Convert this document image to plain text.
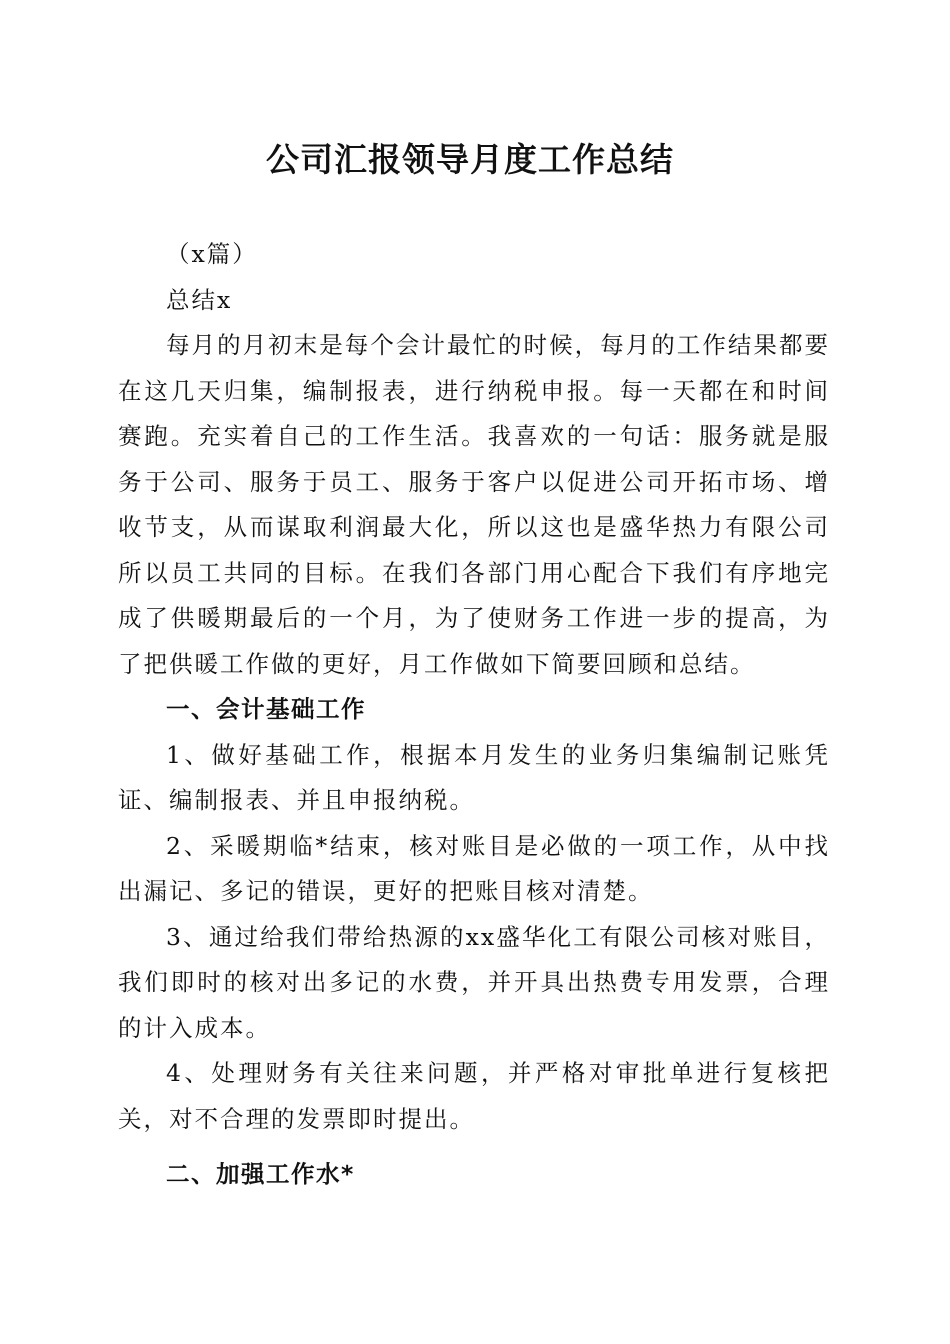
公司汇报领导月度工作总结

（x篇）

总结x

每月的月初末是每个会计最忙的时候，每月的工作结果都要在这几天归集，编制报表，进行纳税申报。每一天都在和时间赛跑。充实着自己的工作生活。我喜欢的一句话：服务就是服务于公司、服务于员工、服务于客户以促进公司开拓市场、增收节支，从而谋取利润最大化，所以这也是盛华热力有限公司所以员工共同的目标。在我们各部门用心配合下我们有序地完成了供暖期最后的一个月，为了使财务工作进一步的提高，为了把供暖工作做的更好，月工作做如下简要回顾和总结。

一、会计基础工作

1、做好基础工作，根据本月发生的业务归集编制记账凭证、编制报表、并且申报纳税。

2、采暖期临*结束，核对账目是必做的一项工作，从中找出漏记、多记的错误，更好的把账目核对清楚。

3、通过给我们带给热源的xx盛华化工有限公司核对账目，我们即时的核对出多记的水费，并开具出热费专用发票，合理的计入成本。

4、处理财务有关往来问题，并严格对审批单进行复核把关，对不合理的发票即时提出。

二、加强工作水*
